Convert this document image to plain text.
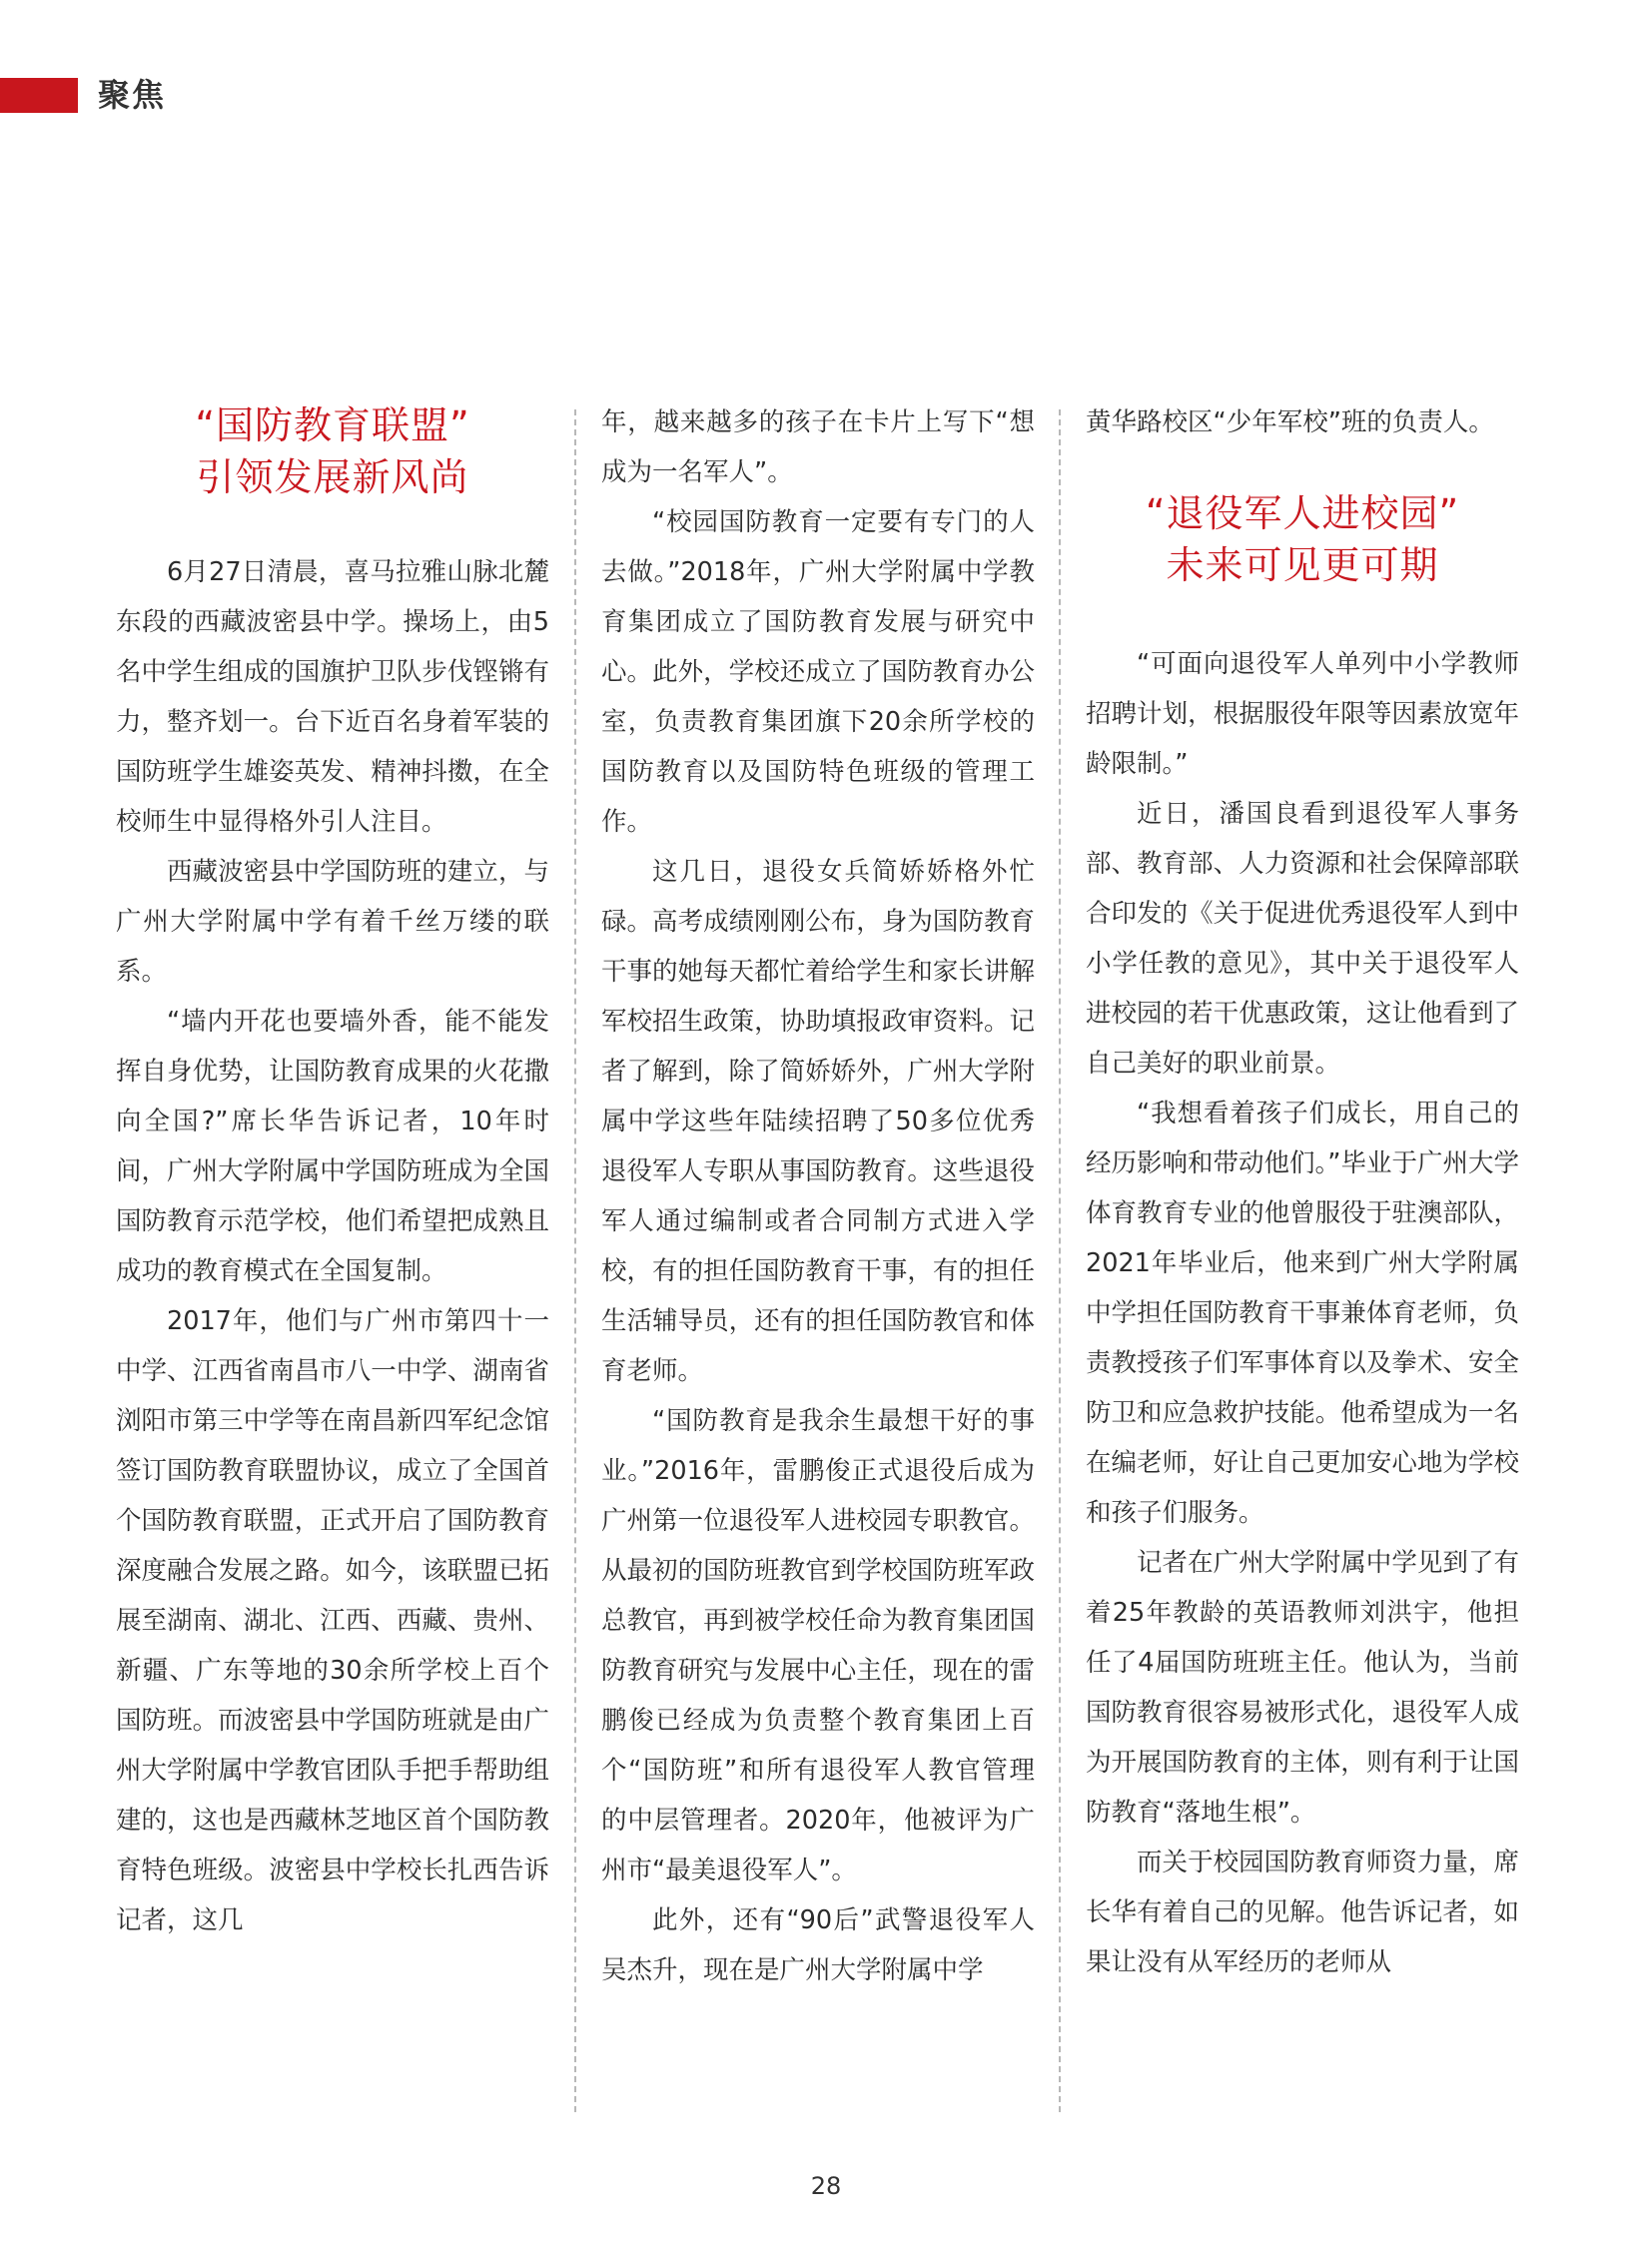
聚焦
“国防教育联盟”
引领发展新风尚

6月27日清晨，喜马拉雅山脉北麓东段的西藏波密县中学。操场上，由5名中学生组成的国旗护卫队步伐铿锵有力，整齐划一。台下近百名身着军装的国防班学生雄姿英发、精神抖擞，在全校师生中显得格外引人注目。

西藏波密县中学国防班的建立，与广州大学附属中学有着千丝万缕的联系。

“墙内开花也要墙外香，能不能发挥自身优势，让国防教育成果的火花撒向全国?”席长华告诉记者，10年时间，广州大学附属中学国防班成为全国国防教育示范学校，他们希望把成熟且成功的教育模式在全国复制。

2017年，他们与广州市第四十一中学、江西省南昌市八一中学、湖南省浏阳市第三中学等在南昌新四军纪念馆签订国防教育联盟协议，成立了全国首个国防教育联盟，正式开启了国防教育深度融合发展之路。如今，该联盟已拓展至湖南、湖北、江西、西藏、贵州、新疆、广东等地的30余所学校上百个国防班。而波密县中学国防班就是由广州大学附属中学教官团队手把手帮助组建的，这也是西藏林芝地区首个国防教育特色班级。波密县中学校长扎西告诉记者，这几

年，越来越多的孩子在卡片上写下“想成为一名军人”。

“校园国防教育一定要有专门的人去做。”2018年，广州大学附属中学教育集团成立了国防教育发展与研究中心。此外，学校还成立了国防教育办公室，负责教育集团旗下20余所学校的国防教育以及国防特色班级的管理工作。

这几日，退役女兵简娇娇格外忙碌。高考成绩刚刚公布，身为国防教育干事的她每天都忙着给学生和家长讲解军校招生政策，协助填报政审资料。记者了解到，除了简娇娇外，广州大学附属中学这些年陆续招聘了50多位优秀退役军人专职从事国防教育。这些退役军人通过编制或者合同制方式进入学校，有的担任国防教育干事，有的担任生活辅导员，还有的担任国防教官和体育老师。

“国防教育是我余生最想干好的事业。”2016年，雷鹏俊正式退役后成为广州第一位退役军人进校园专职教官。从最初的国防班教官到学校国防班军政总教官，再到被学校任命为教育集团国防教育研究与发展中心主任，现在的雷鹏俊已经成为负责整个教育集团上百个“国防班”和所有退役军人教官管理的中层管理者。2020年，他被评为广州市“最美退役军人”。

此外，还有“90后”武警退役军人吴杰升，现在是广州大学附属中学

黄华路校区“少年军校”班的负责人。

“退役军人进校园”
未来可见更可期

“可面向退役军人单列中小学教师招聘计划，根据服役年限等因素放宽年龄限制。”

近日，潘国良看到退役军人事务部、教育部、人力资源和社会保障部联合印发的《关于促进优秀退役军人到中小学任教的意见》，其中关于退役军人进校园的若干优惠政策，这让他看到了自己美好的职业前景。

“我想看着孩子们成长，用自己的经历影响和带动他们。”毕业于广州大学体育教育专业的他曾服役于驻澳部队，2021年毕业后，他来到广州大学附属中学担任国防教育干事兼体育老师，负责教授孩子们军事体育以及拳术、安全防卫和应急救护技能。他希望成为一名在编老师，好让自己更加安心地为学校和孩子们服务。

记者在广州大学附属中学见到了有着25年教龄的英语教师刘洪宇，他担任了4届国防班班主任。他认为，当前国防教育很容易被形式化，退役军人成为开展国防教育的主体，则有利于让国防教育“落地生根”。

而关于校园国防教育师资力量，席长华有着自己的见解。他告诉记者，如果让没有从军经历的老师从

28
